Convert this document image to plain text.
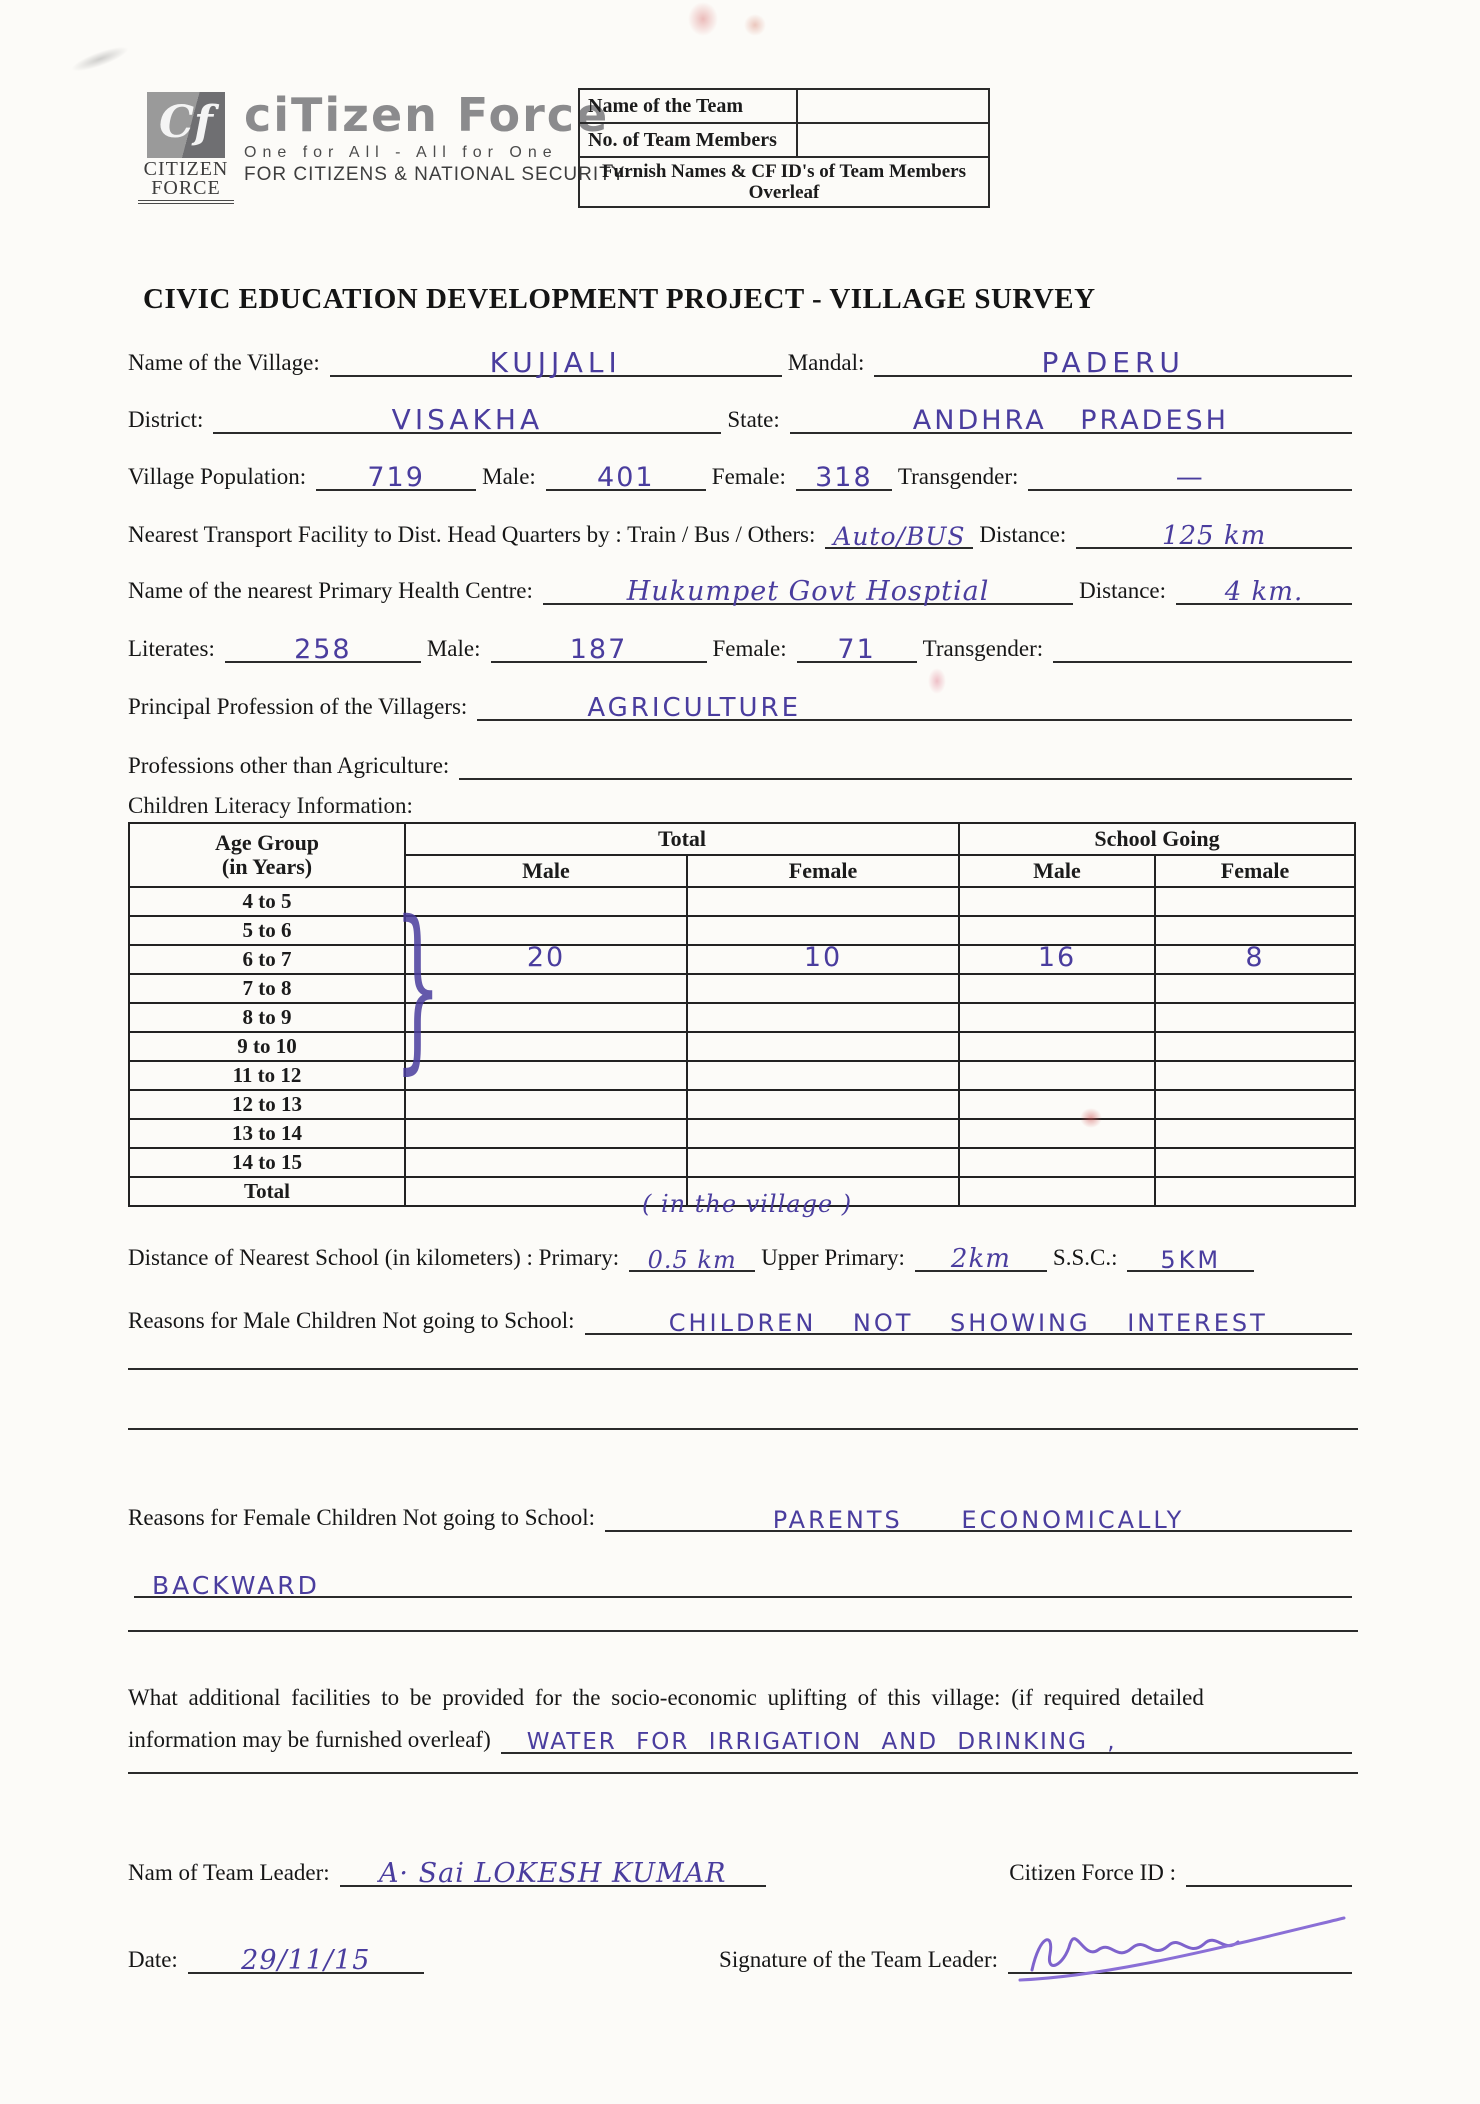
Cf
CITIZEN
FORCE
ciTizen Force
One for All - All for One
FOR CITIZENS & NATIONAL SECURITY
Name of the Team	
No. of Team Members	

Furnish Names & CF ID's of Team Members
Overleaf	
CIVIC EDUCATION DEVELOPMENT PROJECT - VILLAGE SURVEY
Name of the Village:	KUJJALI	Mandal:	PADERU
District:	VISAKHA	State:	ANDHRA PRADESH
Village Population: 719 Male: 401 Female: 318 Transgender:	—
Nearest Transport Facility to Dist. Head Quarters by : Train / Bus / Others: Auto/BUS Distance:	125 km
Name of the nearest Primary Health Centre:	Hukumpet Govt Hosptial	Distance: 4 km.
Literates:	258	Male:	187	Female: 71 Transgender:
Principal Profession of the Villagers:	AGRICULTURE
Professions other than Agriculture:
Children Literacy Information:
Age Group
(in Years)	Total		School Going	
	Male	Female	Male	Female
4 to 5				
5 to 6				
6 to 7	20	10	16	8
7 to 8				
8 to 9				
9 to 10				
11 to 12				
12 to 13				
13 to 14				
14 to 15				
Total				
}
( in the village )
Distance of Nearest School (in kilometers) : Primary: 0.5 km Upper Primary: 2km S.S.C.: 5KM
Reasons for Male Children Not going to School:	CHILDREN NOT SHOWING INTEREST
Reasons for Female Children Not going to School:	PARENTS ECONOMICALLY
BACKWARD
What additional facilities to be provided for the socio-economic uplifting of this village: (if required detailed
information may be furnished overleaf) WATER FOR IRRIGATION AND DRINKING ,
Nam of Team Leader: A· Sai LOKESH KUMAR	Citizen Force ID :
Date: 29/11/15	Signature of the Team Leader:
